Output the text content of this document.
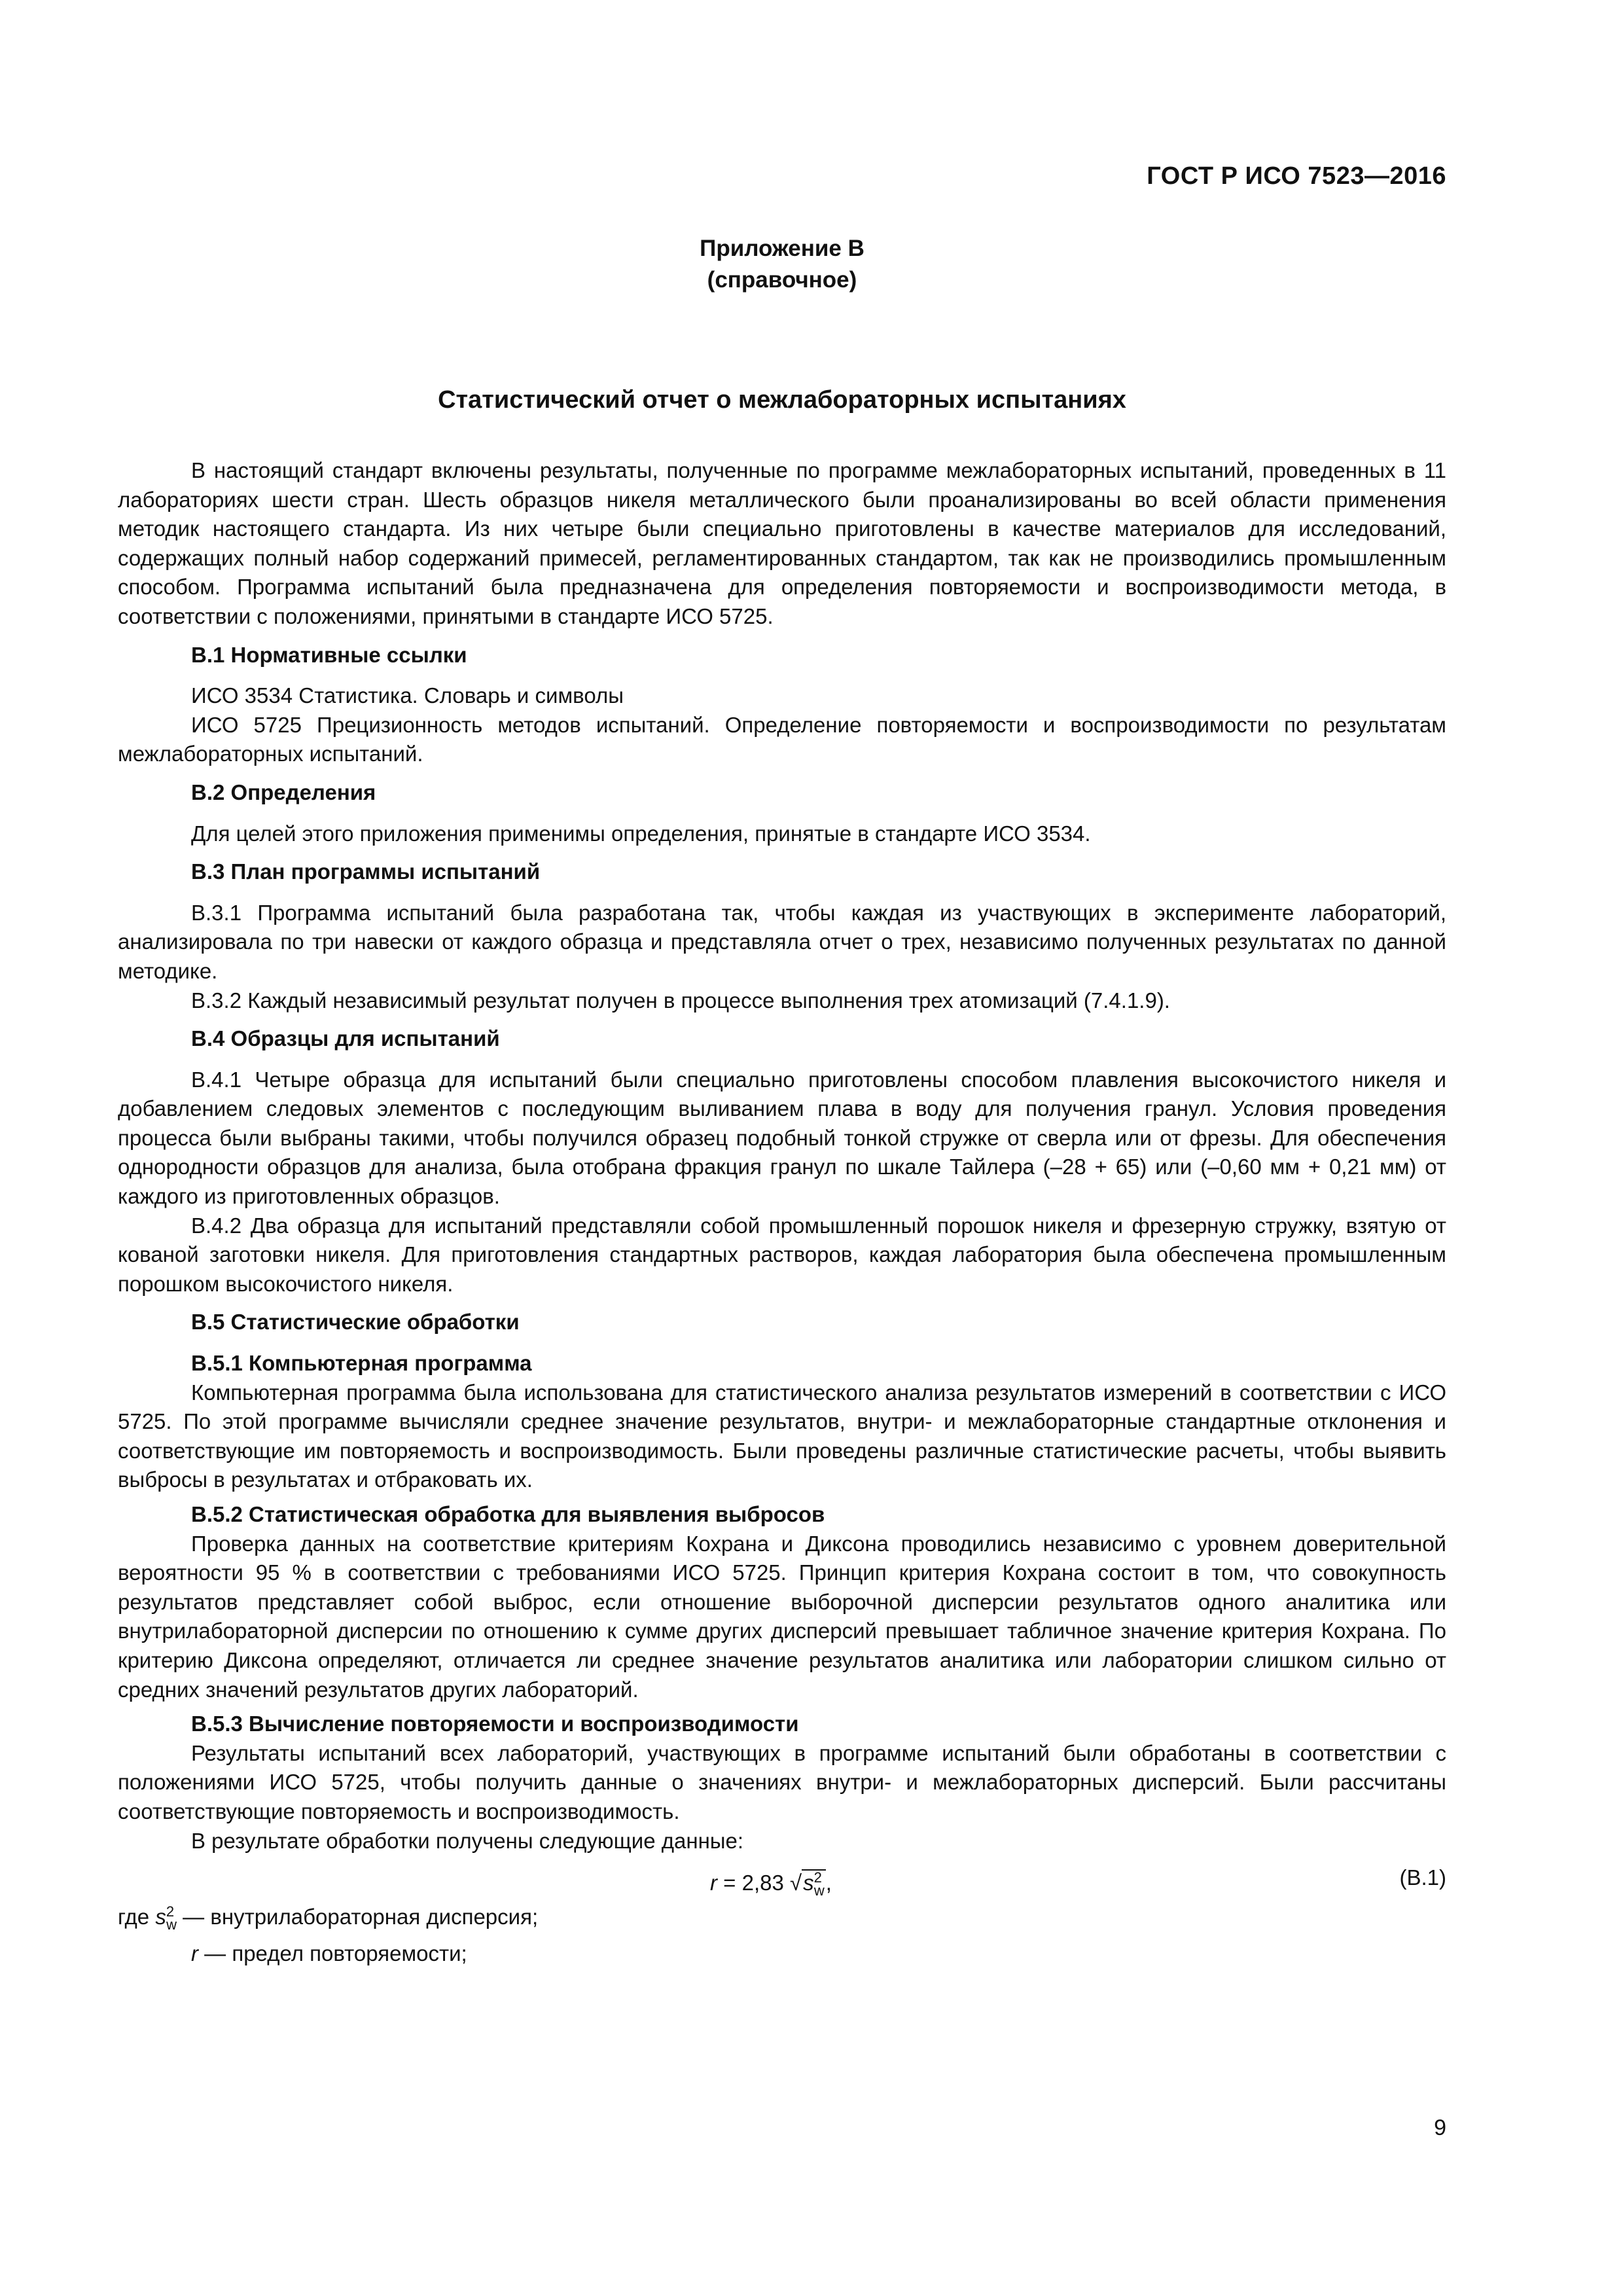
ГОСТ Р ИСО 7523—2016
Приложение В
(справочное)
Статистический отчет о межлабораторных испытаниях

В настоящий стандарт включены результаты, полученные по программе межлабораторных испытаний, проведенных в 11 лабораториях шести стран. Шесть образцов никеля металлического были проанализированы во всей области применения методик настоящего стандарта. Из них четыре были специально приготовлены в качестве материалов для исследований, содержащих полный набор содержаний примесей, регламентированных стандартом, так как не производились промышленным способом. Программа испытаний была предназначена для определения повторяемости и воспроизводимости метода, в соответствии с положениями, принятыми в стандарте ИСО 5725.

В.1 Нормативные ссылки

ИСО 3534 Статистика. Словарь и символы

ИСО 5725 Прецизионность методов испытаний. Определение повторяемости и воспроизводимости по результатам межлабораторных испытаний.

В.2 Определения

Для целей этого приложения применимы определения, принятые в стандарте ИСО 3534.

В.3 План программы испытаний

В.3.1 Программа испытаний была разработана так, чтобы каждая из участвующих в эксперименте лабораторий, анализировала по три навески от каждого образца и представляла отчет о трех, независимо полученных результатах по данной методике.

В.3.2 Каждый независимый результат получен в процессе выполнения трех атомизаций (7.4.1.9).

В.4 Образцы для испытаний

В.4.1 Четыре образца для испытаний были специально приготовлены способом плавления высокочистого никеля и добавлением следовых элементов с последующим выливанием плава в воду для получения гранул. Условия проведения процесса были выбраны такими, чтобы получился образец подобный тонкой стружке от сверла или от фрезы. Для обеспечения однородности образцов для анализа, была отобрана фракция гранул по шкале Тайлера (–28 + 65) или (–0,60 мм + 0,21 мм) от каждого из приготовленных образцов.

В.4.2 Два образца для испытаний представляли собой промышленный порошок никеля и фрезерную стружку, взятую от кованой заготовки никеля. Для приготовления стандартных растворов, каждая лаборатория была обеспечена промышленным порошком высокочистого никеля.

В.5 Статистические обработки

В.5.1 Компьютерная программа

Компьютерная программа была использована для статистического анализа результатов измерений в соответствии с ИСО 5725. По этой программе вычисляли среднее значение результатов, внутри- и межлабораторные стандартные отклонения и соответствующие им повторяемость и воспроизводимость. Были проведены различные статистические расчеты, чтобы выявить выбросы в результатах и отбраковать их.

В.5.2 Статистическая обработка для выявления выбросов

Проверка данных на соответствие критериям Кохрана и Диксона проводились независимо с уровнем доверительной вероятности 95 % в соответствии с требованиями ИСО 5725. Принцип критерия Кохрана состоит в том, что совокупность результатов представляет собой выброс, если отношение выборочной дисперсии результатов одного аналитика или внутрилабораторной дисперсии по отношению к сумме других дисперсий превышает табличное значение критерия Кохрана. По критерию Диксона определяют, отличается ли среднее значение результатов аналитика или лаборатории слишком сильно от средних значений результатов других лабораторий.

В.5.3 Вычисление повторяемости и воспроизводимости

Результаты испытаний всех лабораторий, участвующих в программе испытаний были обработаны в соответствии с положениями ИСО 5725, чтобы получить данные о значениях внутри- и межлабораторных дисперсий. Были рассчитаны соответствующие повторяемость и воспроизводимость.

В результате обработки получены следующие данные:

r = 2,83 $√s^2_w$,	(В.1)

где $s^2_w$ — внутрилабораторная дисперсия;

r — предел повторяемости;

9
